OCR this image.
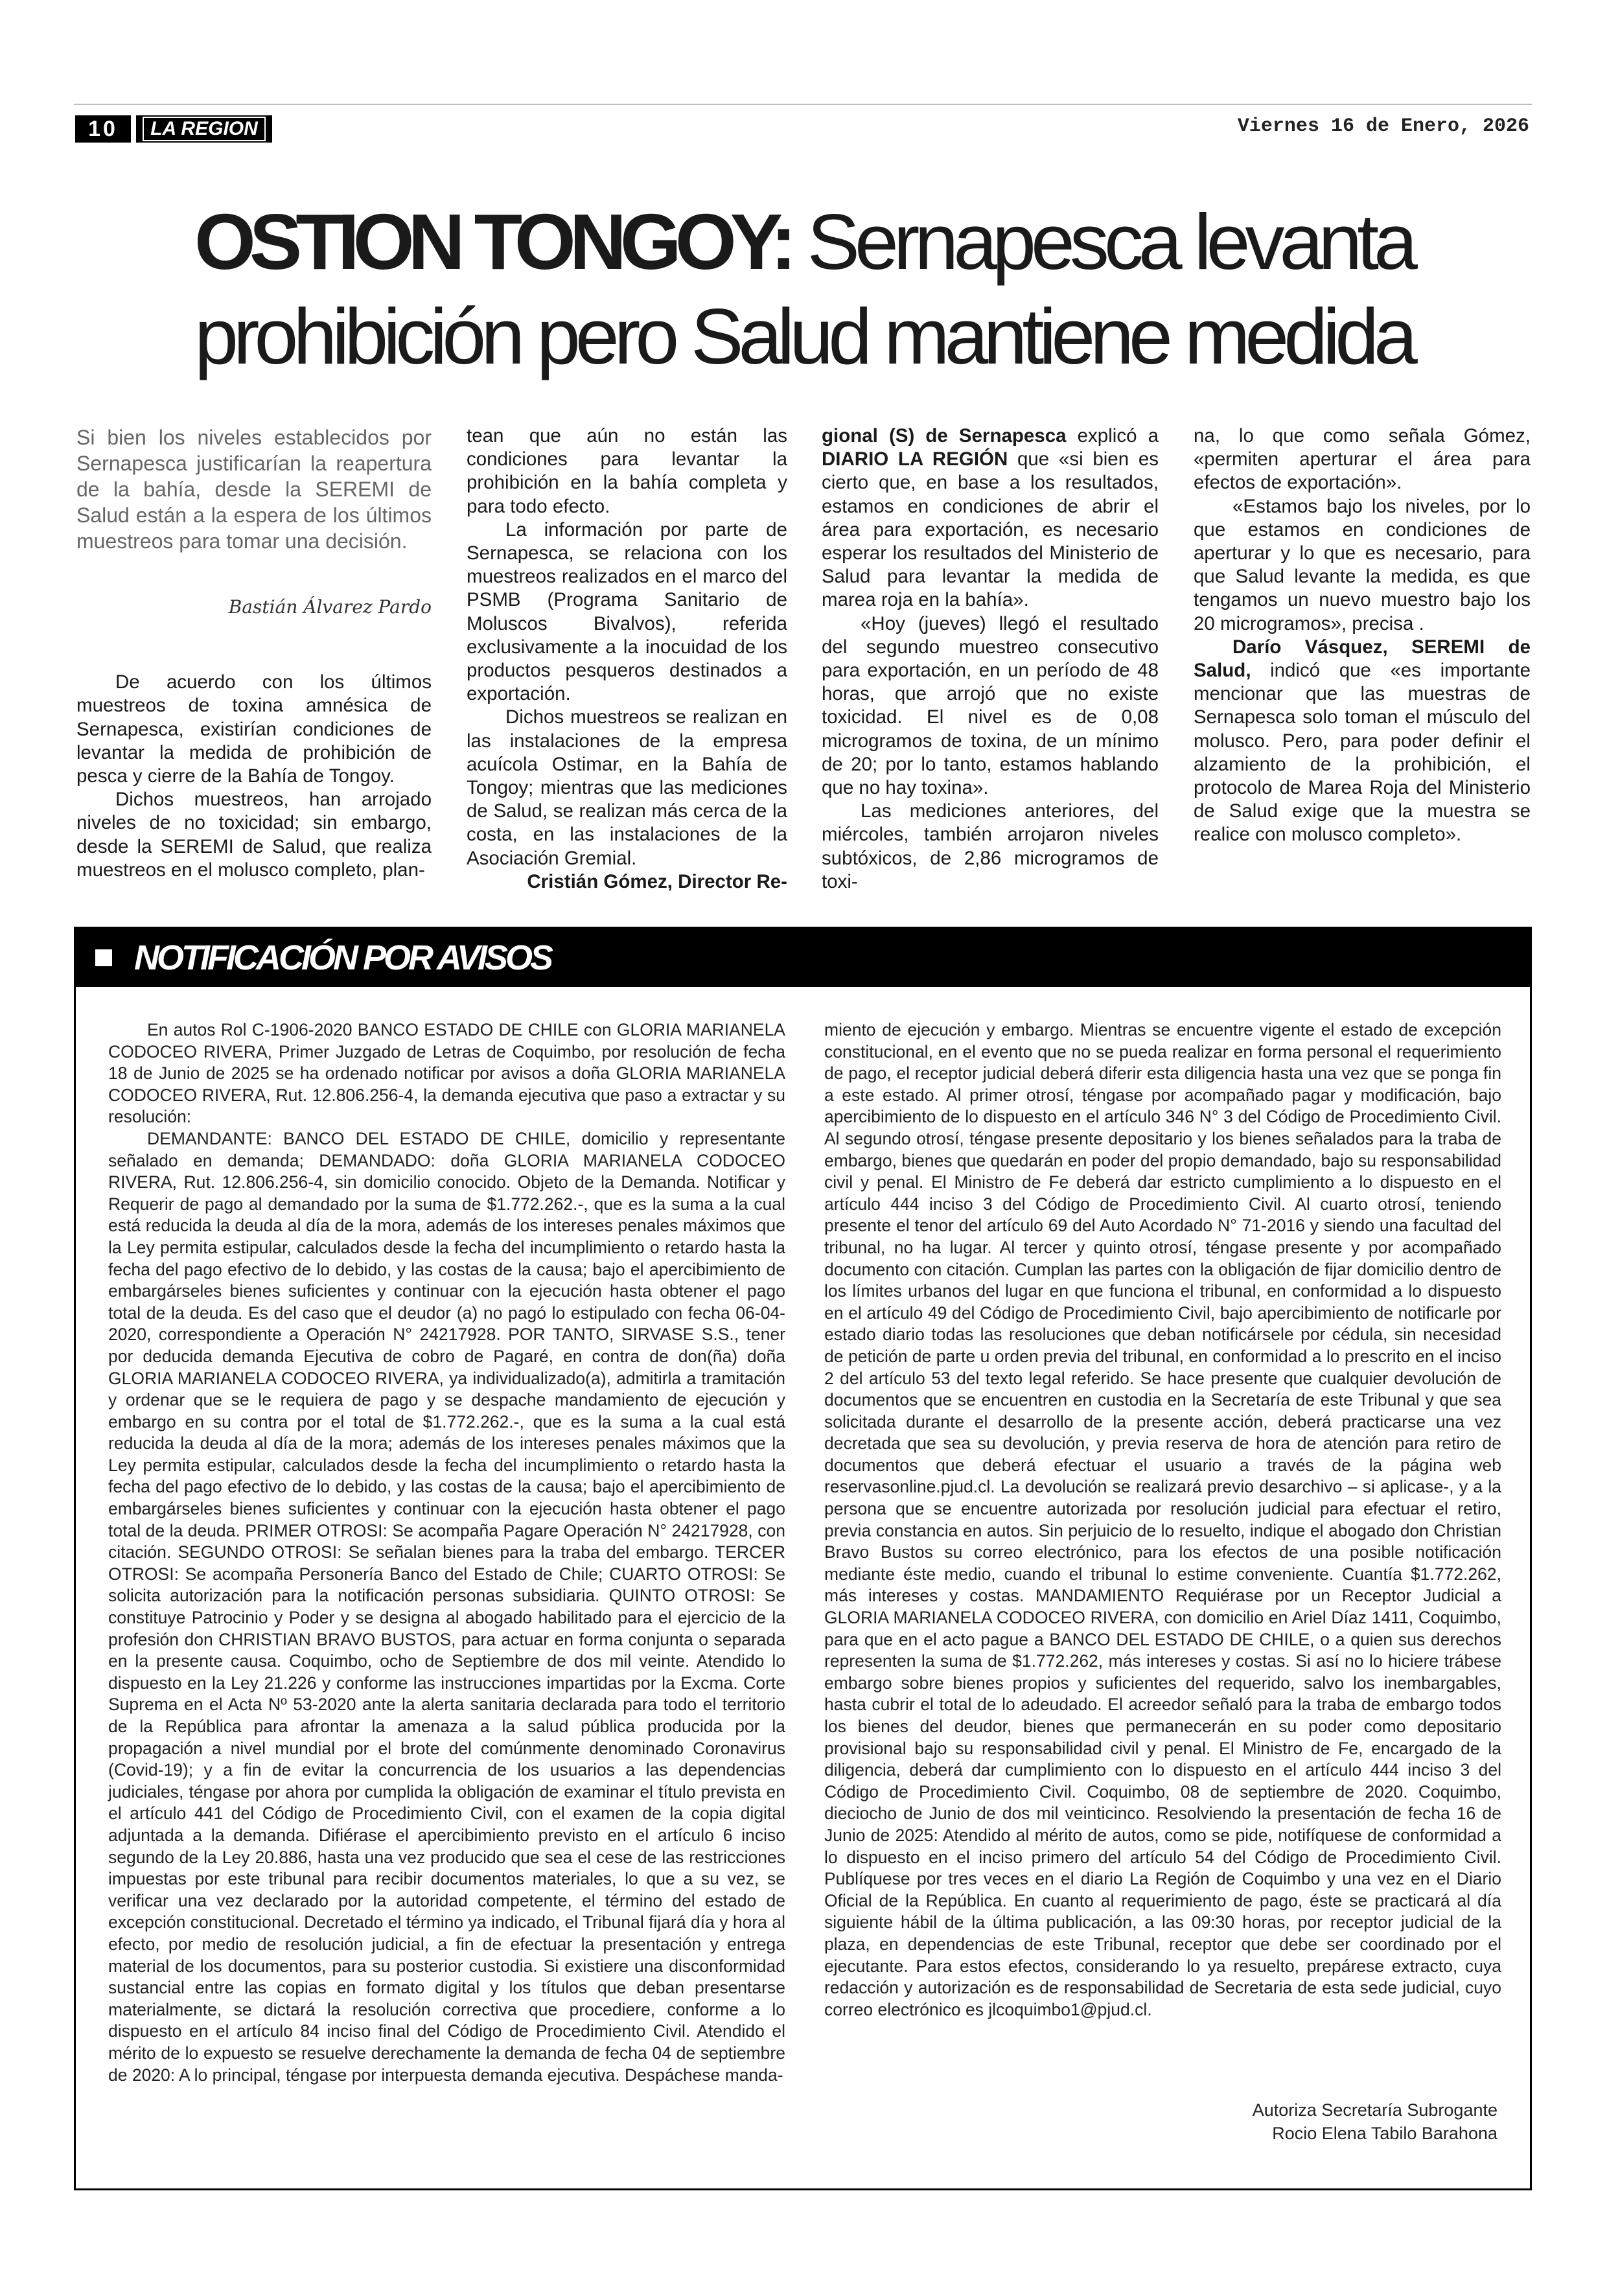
10	LA REGION	Viernes 16 de Enero, 2026
OSTION TONGOY: Sernapesca levanta prohibición pero Salud mantiene medida

Si bien los niveles establecidos por Sernapesca justificarían la reapertura de la bahía, desde la SEREMI de Salud están a la espera de los últimos muestreos para tomar una decisión.

Bastián Álvarez Pardo

De acuerdo con los últimos muestreos de toxina amnésica de Sernapesca, existirían condiciones de levantar la medida de prohibición de pesca y cierre de la Bahía de Tongoy.

Dichos muestreos, han arrojado niveles de no toxicidad; sin embargo, desde la SEREMI de Salud, que realiza muestreos en el molusco completo, plan-

tean que aún no están las condiciones para levantar la prohibición en la bahía completa y para todo efecto.

La información por parte de Sernapesca, se relaciona con los muestreos realizados en el marco del PSMB (Programa Sanitario de Moluscos Bivalvos), referida exclusivamente a la inocuidad de los productos pesqueros destinados a exportación.

Dichos muestreos se realizan en las instalaciones de la empresa acuícola Ostimar, en la Bahía de Tongoy; mientras que las mediciones de Salud, se realizan más cerca de la costa, en las instalaciones de la Asociación Gremial.

Cristián Gómez, Director Re-

gional (S) de Sernapesca explicó a DIARIO LA REGIÓN que «si bien es cierto que, en base a los resultados, estamos en condiciones de abrir el área para exportación, es necesario esperar los resultados del Ministerio de Salud para levantar la medida de marea roja en la bahía».

«Hoy (jueves) llegó el resultado del segundo muestreo consecutivo para exportación, en un período de 48 horas, que arrojó que no existe toxicidad. El nivel es de 0,08 microgramos de toxina, de un mínimo de 20; por lo tanto, estamos hablando que no hay toxina».

Las mediciones anteriores, del miércoles, también arrojaron niveles subtóxicos, de 2,86 microgramos de toxi-

na, lo que como señala Gómez, «permiten aperturar el área para efectos de exportación».

«Estamos bajo los niveles, por lo que estamos en condiciones de aperturar y lo que es necesario, para que Salud levante la medida, es que tengamos un nuevo muestro bajo los 20 microgramos», precisa .

Darío Vásquez, SEREMI de Salud, indicó que «es importante mencionar que las muestras de Sernapesca solo toman el músculo del molusco. Pero, para poder definir el alzamiento de la prohibición, el protocolo de Marea Roja del Ministerio de Salud exige que la muestra se realice con molusco completo».

NOTIFICACIÓN POR AVISOS

En autos Rol C-1906-2020 BANCO ESTADO DE CHILE con GLORIA MARIANELA CODOCEO RIVERA, Primer Juzgado de Letras de Coquimbo, por resolución de fecha 18 de Junio de 2025 se ha ordenado notificar por avisos a doña GLORIA MARIANELA CODOCEO RIVERA, Rut. 12.806.256-4, la demanda ejecutiva que paso a extractar y su resolución:

DEMANDANTE: BANCO DEL ESTADO DE CHILE, domicilio y representante señalado en demanda; DEMANDADO: doña GLORIA MARIANELA CODOCEO RIVERA, Rut. 12.806.256-4, sin domicilio conocido. Objeto de la Demanda. Notificar y Requerir de pago al demandado por la suma de $1.772.262.-, que es la suma a la cual está reducida la deuda al día de la mora, además de los intereses penales máximos que la Ley permita estipular, calculados desde la fecha del incumplimiento o retardo hasta la fecha del pago efectivo de lo debido, y las costas de la causa; bajo el apercibimiento de embargárseles bienes suficientes y continuar con la ejecución hasta obtener el pago total de la deuda. Es del caso que el deudor (a) no pagó lo estipulado con fecha 06-04-2020, correspondiente a Operación N° 24217928. POR TANTO, SIRVASE S.S., tener por deducida demanda Ejecutiva de cobro de Pagaré, en contra de don(ña) doña GLORIA MARIANELA CODOCEO RIVERA, ya individualizado(a), admitirla a tramitación y ordenar que se le requiera de pago y se despache mandamiento de ejecución y embargo en su contra por el total de $1.772.262.-, que es la suma a la cual está reducida la deuda al día de la mora; además de los intereses penales máximos que la Ley permita estipular, calculados desde la fecha del incumplimiento o retardo hasta la fecha del pago efectivo de lo debido, y las costas de la causa; bajo el apercibimiento de embargárseles bienes suficientes y continuar con la ejecución hasta obtener el pago total de la deuda. PRIMER OTROSI: Se acompaña Pagare Operación N° 24217928, con citación. SEGUNDO OTROSI: Se señalan bienes para la traba del embargo. TERCER OTROSI: Se acompaña Personería Banco del Estado de Chile; CUARTO OTROSI: Se solicita autorización para la notificación personas subsidiaria. QUINTO OTROSI: Se constituye Patrocinio y Poder y se designa al abogado habilitado para el ejercicio de la profesión don CHRISTIAN BRAVO BUSTOS, para actuar en forma conjunta o separada en la presente causa. Coquimbo, ocho de Septiembre de dos mil veinte. Atendido lo dispuesto en la Ley 21.226 y conforme las instrucciones impartidas por la Excma. Corte Suprema en el Acta Nº 53-2020 ante la alerta sanitaria declarada para todo el territorio de la República para afrontar la amenaza a la salud pública producida por la propagación a nivel mundial por el brote del comúnmente denominado Coronavirus (Covid-19); y a fin de evitar la concurrencia de los usuarios a las dependencias judiciales, téngase por ahora por cumplida la obligación de examinar el título prevista en el artículo 441 del Código de Procedimiento Civil, con el examen de la copia digital adjuntada a la demanda. Difiérase el apercibimiento previsto en el artículo 6 inciso segundo de la Ley 20.886, hasta una vez producido que sea el cese de las restricciones impuestas por este tribunal para recibir documentos materiales, lo que a su vez, se verificar una vez declarado por la autoridad competente, el término del estado de excepción constitucional. Decretado el término ya indicado, el Tribunal fijará día y hora al efecto, por medio de resolución judicial, a fin de efectuar la presentación y entrega material de los documentos, para su posterior custodia. Si existiere una disconformidad sustancial entre las copias en formato digital y los títulos que deban presentarse materialmente, se dictará la resolución correctiva que procediere, conforme a lo dispuesto en el artículo 84 inciso final del Código de Procedimiento Civil. Atendido el mérito de lo expuesto se resuelve derechamente la demanda de fecha 04 de septiembre de 2020: A lo principal, téngase por interpuesta demanda ejecutiva. Despáchese manda-

miento de ejecución y embargo. Mientras se encuentre vigente el estado de excepción constitucional, en el evento que no se pueda realizar en forma personal el requerimiento de pago, el receptor judicial deberá diferir esta diligencia hasta una vez que se ponga fin a este estado. Al primer otrosí, téngase por acompañado pagar y modificación, bajo apercibimiento de lo dispuesto en el artículo 346 N° 3 del Código de Procedimiento Civil. Al segundo otrosí, téngase presente depositario y los bienes señalados para la traba de embargo, bienes que quedarán en poder del propio demandado, bajo su responsabilidad civil y penal. El Ministro de Fe deberá dar estricto cumplimiento a lo dispuesto en el artículo 444 inciso 3 del Código de Procedimiento Civil. Al cuarto otrosí, teniendo presente el tenor del artículo 69 del Auto Acordado N° 71-2016 y siendo una facultad del tribunal, no ha lugar. Al tercer y quinto otrosí, téngase presente y por acompañado documento con citación. Cumplan las partes con la obligación de fijar domicilio dentro de los límites urbanos del lugar en que funciona el tribunal, en conformidad a lo dispuesto en el artículo 49 del Código de Procedimiento Civil, bajo apercibimiento de notificarle por estado diario todas las resoluciones que deban notificársele por cédula, sin necesidad de petición de parte u orden previa del tribunal, en conformidad a lo prescrito en el inciso 2 del artículo 53 del texto legal referido. Se hace presente que cualquier devolución de documentos que se encuentren en custodia en la Secretaría de este Tribunal y que sea solicitada durante el desarrollo de la presente acción, deberá practicarse una vez decretada que sea su devolución, y previa reserva de hora de atención para retiro de documentos que deberá efectuar el usuario a través de la página web reservasonline.pjud.cl. La devolución se realizará previo desarchivo – si aplicase-, y a la persona que se encuentre autorizada por resolución judicial para efectuar el retiro, previa constancia en autos. Sin perjuicio de lo resuelto, indique el abogado don Christian Bravo Bustos su correo electrónico, para los efectos de una posible notificación mediante éste medio, cuando el tribunal lo estime conveniente. Cuantía $1.772.262, más intereses y costas. MANDAMIENTO Requiérase por un Receptor Judicial a GLORIA MARIANELA CODOCEO RIVERA, con domicilio en Ariel Díaz 1411, Coquimbo, para que en el acto pague a BANCO DEL ESTADO DE CHILE, o a quien sus derechos representen la suma de $1.772.262, más intereses y costas. Si así no lo hiciere trábese embargo sobre bienes propios y suficientes del requerido, salvo los inembargables, hasta cubrir el total de lo adeudado. El acreedor señaló para la traba de embargo todos los bienes del deudor, bienes que permanecerán en su poder como depositario provisional bajo su responsabilidad civil y penal. El Ministro de Fe, encargado de la diligencia, deberá dar cumplimiento con lo dispuesto en el artículo 444 inciso 3 del Código de Procedimiento Civil. Coquimbo, 08 de septiembre de 2020. Coquimbo, dieciocho de Junio de dos mil veinticinco. Resolviendo la presentación de fecha 16 de Junio de 2025: Atendido al mérito de autos, como se pide, notifíquese de conformidad a lo dispuesto en el inciso primero del artículo 54 del Código de Procedimiento Civil. Publíquese por tres veces en el diario La Región de Coquimbo y una vez en el Diario Oficial de la República. En cuanto al requerimiento de pago, éste se practicará al día siguiente hábil de la última publicación, a las 09:30 horas, por receptor judicial de la plaza, en dependencias de este Tribunal, receptor que debe ser coordinado por el ejecutante. Para estos efectos, considerando lo ya resuelto, prepárese extracto, cuya redacción y autorización es de responsabilidad de Secretaria de esta sede judicial, cuyo correo electrónico es jlcoquimbo1@pjud.cl.

Autoriza Secretaría Subrogante
Rocio Elena Tabilo Barahona
